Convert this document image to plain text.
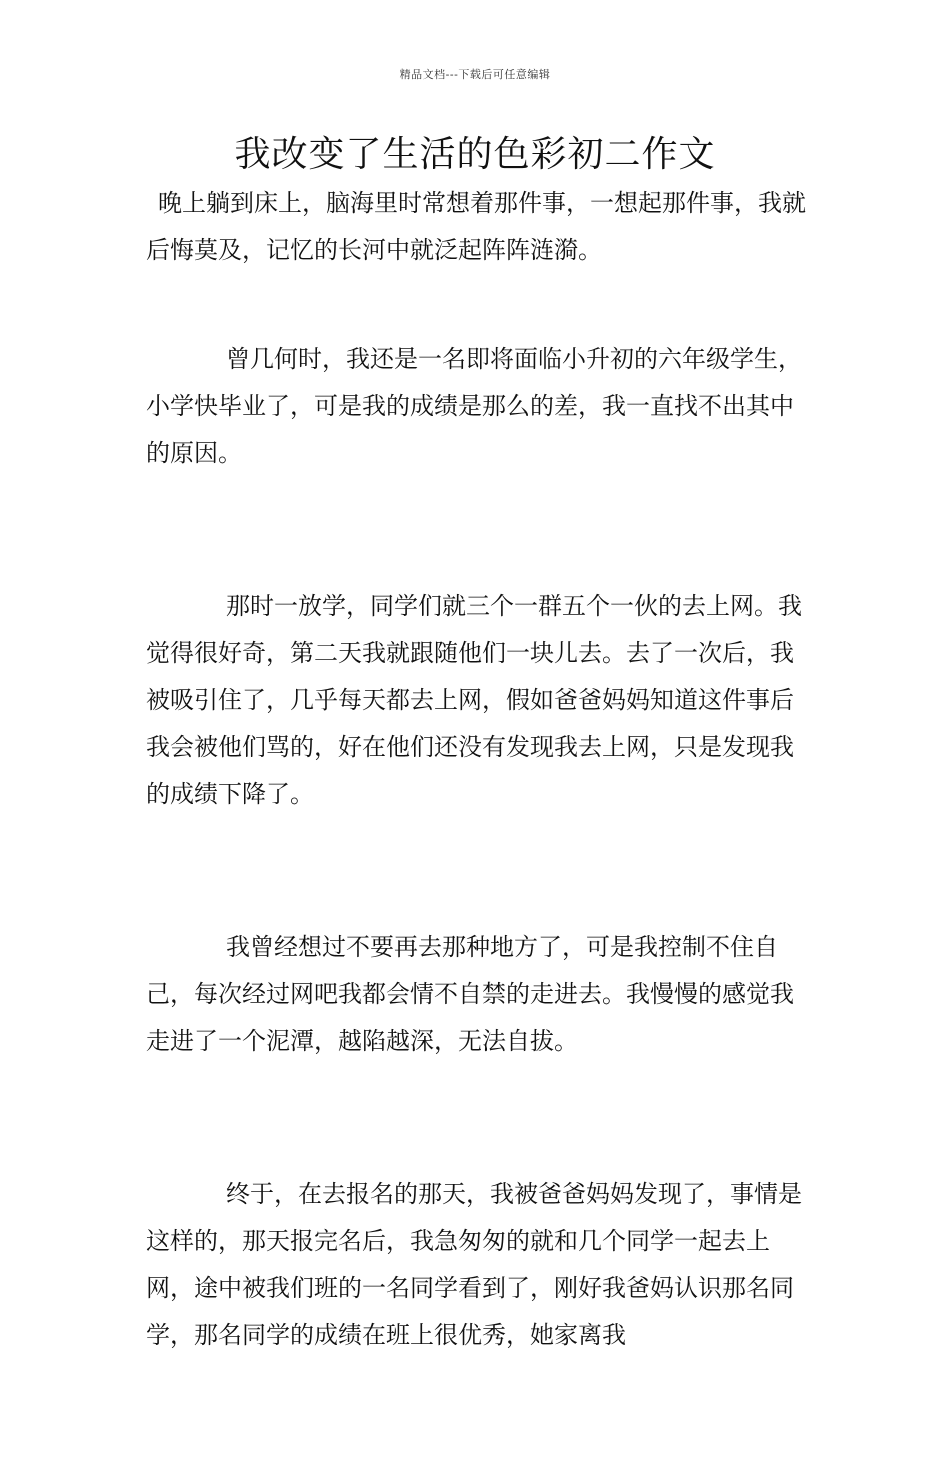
精品文档---下载后可任意编辑
我改变了生活的色彩初二作文

晚上躺到床上，脑海里时常想着那件事，一想起那件事，我就后悔莫及，记忆的长河中就泛起阵阵涟漪。

曾几何时，我还是一名即将面临小升初的六年级学生，小学快毕业了，可是我的成绩是那么的差，我一直找不出其中的原因。

那时一放学，同学们就三个一群五个一伙的去上网。我觉得很好奇，第二天我就跟随他们一块儿去。去了一次后，我被吸引住了，几乎每天都去上网，假如爸爸妈妈知道这件事后我会被他们骂的，好在他们还没有发现我去上网，只是发现我的成绩下降了。

我曾经想过不要再去那种地方了，可是我控制不住自己，每次经过网吧我都会情不自禁的走进去。我慢慢的感觉我走进了一个泥潭，越陷越深，无法自拔。

终于，在去报名的那天，我被爸爸妈妈发现了，事情是这样的，那天报完名后，我急匆匆的就和几个同学一起去上网，途中被我们班的一名同学看到了，刚好我爸妈认识那名同学，那名同学的成绩在班上很优秀，她家离我
